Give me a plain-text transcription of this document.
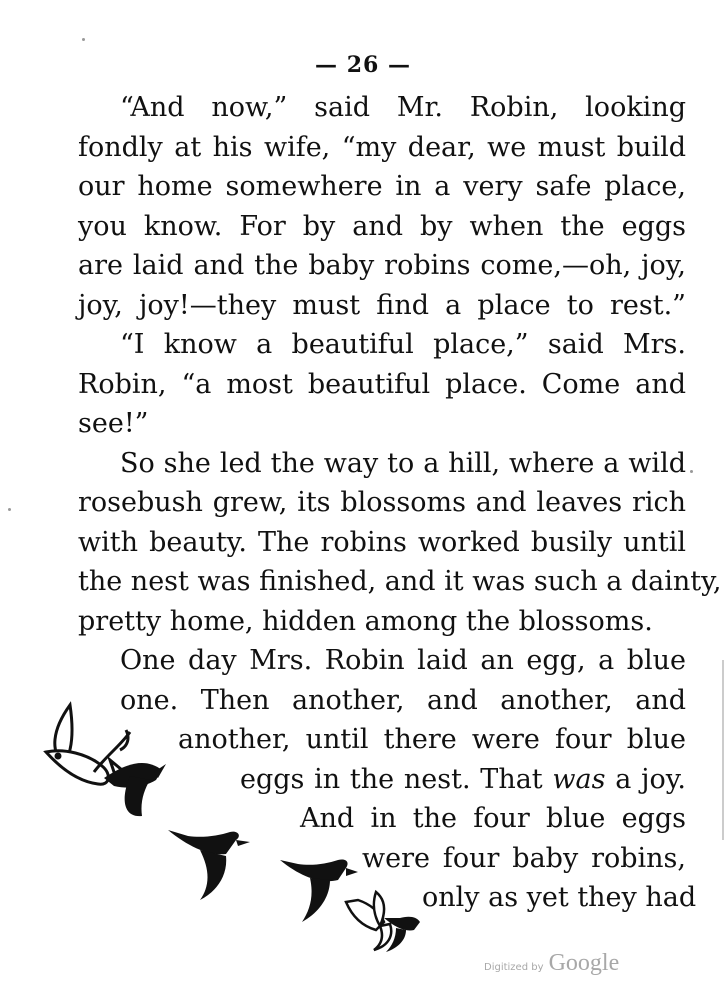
— 26 —
“And now,” said Mr. Robin, looking
fondly at his wife, “my dear, we must build
our home somewhere in a very safe place,
you know. For by and by when the eggs
are laid and the baby robins come,—oh, joy,
joy, joy!—they must find a place to rest.”
“I know a beautiful place,” said Mrs.
Robin, “a most beautiful place. Come and
see!”
So she led the way to a hill, where a wild
rosebush grew, its blossoms and leaves rich
with beauty. The robins worked busily until
the nest was finished, and it was such a dainty,
pretty home, hidden among the blossoms.
One day Mrs. Robin laid an egg, a blue
one. Then another, and another, and
another, until there were four blue
eggs in the nest. That was a joy.
And in the four blue eggs
were four baby robins,
only as yet they had
Digitized by Google
